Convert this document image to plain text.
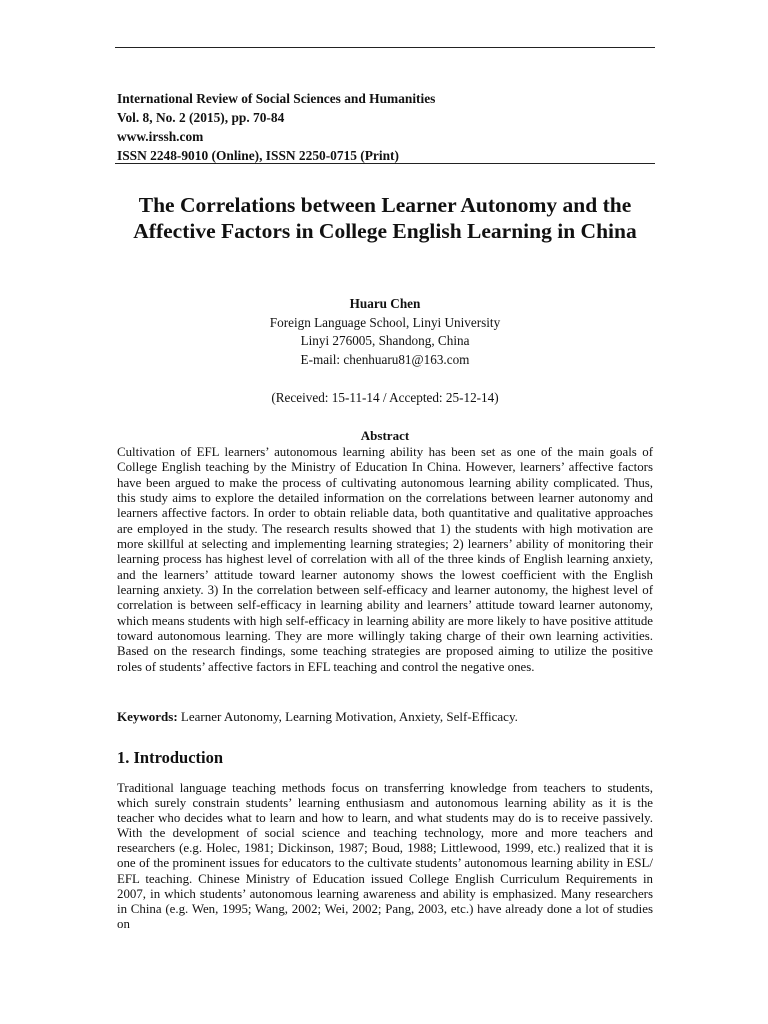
International Review of Social Sciences and Humanities
Vol. 8, No. 2 (2015), pp. 70-84
www.irssh.com
ISSN 2248-9010 (Online), ISSN 2250-0715 (Print)
The Correlations between Learner Autonomy and the Affective Factors in College English Learning in China
Huaru Chen
Foreign Language School, Linyi University
Linyi 276005, Shandong, China
E-mail: chenhuaru81@163.com
(Received: 15-11-14 / Accepted: 25-12-14)
Abstract
Cultivation of EFL learners’ autonomous learning ability has been set as one of the main goals of College English teaching by the Ministry of Education In China. However, learners’ affective factors have been argued to make the process of cultivating autonomous learning ability complicated. Thus, this study aims to explore the detailed information on the correlations between learner autonomy and learners affective factors. In order to obtain reliable data, both quantitative and qualitative approaches are employed in the study. The research results showed that 1) the students with high motivation are more skillful at selecting and implementing learning strategies; 2) learners’ ability of monitoring their learning process has highest level of correlation with all of the three kinds of English learning anxiety, and the learners’ attitude toward learner autonomy shows the lowest coefficient with the English learning anxiety. 3) In the correlation between self-efficacy and learner autonomy, the highest level of correlation is between self-efficacy in learning ability and learners’ attitude toward learner autonomy, which means students with high self-efficacy in learning ability are more likely to have positive attitude toward autonomous learning. They are more willingly taking charge of their own learning activities. Based on the research findings, some teaching strategies are proposed aiming to utilize the positive roles of students’ affective factors in EFL teaching and control the negative ones.
Keywords: Learner Autonomy, Learning Motivation, Anxiety, Self-Efficacy.
1. Introduction
Traditional language teaching methods focus on transferring knowledge from teachers to students, which surely constrain students’ learning enthusiasm and autonomous learning ability as it is the teacher who decides what to learn and how to learn, and what students may do is to receive passively. With the development of social science and teaching technology, more and more teachers and researchers (e.g. Holec, 1981; Dickinson, 1987; Boud, 1988; Littlewood, 1999, etc.) realized that it is one of the prominent issues for educators to the cultivate students’ autonomous learning ability in ESL/ EFL teaching. Chinese Ministry of Education issued College English Curriculum Requirements in 2007, in which students’ autonomous learning awareness and ability is emphasized. Many researchers in China (e.g. Wen, 1995; Wang, 2002; Wei, 2002; Pang, 2003, etc.) have already done a lot of studies on
